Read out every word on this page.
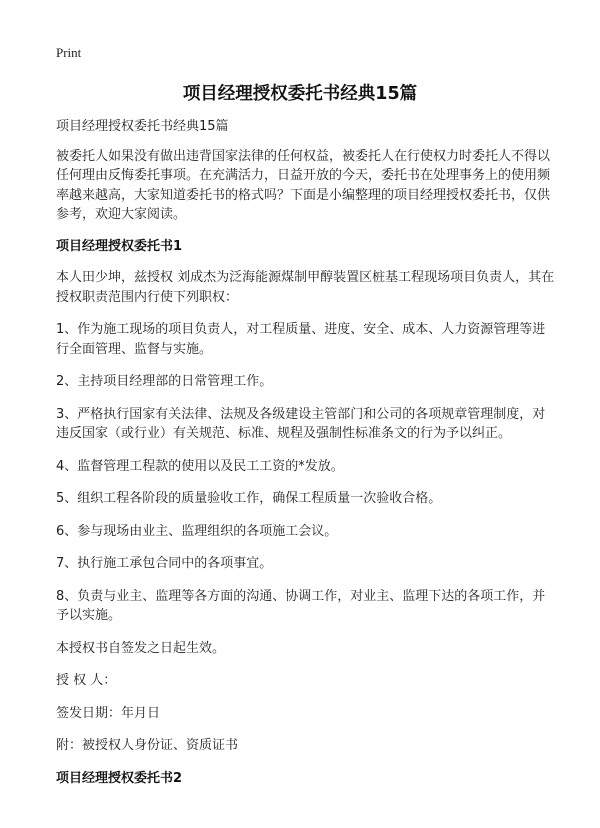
Print
项目经理授权委托书经典15篇

项目经理授权委托书经典15篇

被委托人如果没有做出违背国家法律的任何权益，被委托人在行使权力时委托人不得以任何理由反悔委托事项。在充满活力，日益开放的今天，委托书在处理事务上的使用频率越来越高，大家知道委托书的格式吗？下面是小编整理的项目经理授权委托书，仅供参考，欢迎大家阅读。

项目经理授权委托书1

本人田少坤，兹授权 刘成杰为泛海能源煤制甲醇装置区桩基工程现场项目负责人，其在授权职责范围内行使下列职权：

1、作为施工现场的项目负责人，对工程质量、进度、安全、成本、人力资源管理等进行全面管理、监督与实施。

2、主持项目经理部的日常管理工作。

3、严格执行国家有关法律、法规及各级建设主管部门和公司的各项规章管理制度，对违反国家（或行业）有关规范、标准、规程及强制性标准条文的行为予以纠正。

4、监督管理工程款的使用以及民工工资的*发放。

5、组织工程各阶段的质量验收工作，确保工程质量一次验收合格。

6、参与现场由业主、监理组织的各项施工会议。

7、执行施工承包合同中的各项事宜。

8、负责与业主、监理等各方面的沟通、协调工作，对业主、监理下达的各项工作，并予以实施。

本授权书自签发之日起生效。

授 权 人：

签发日期：年月日

附：被授权人身份证、资质证书

项目经理授权委托书2
